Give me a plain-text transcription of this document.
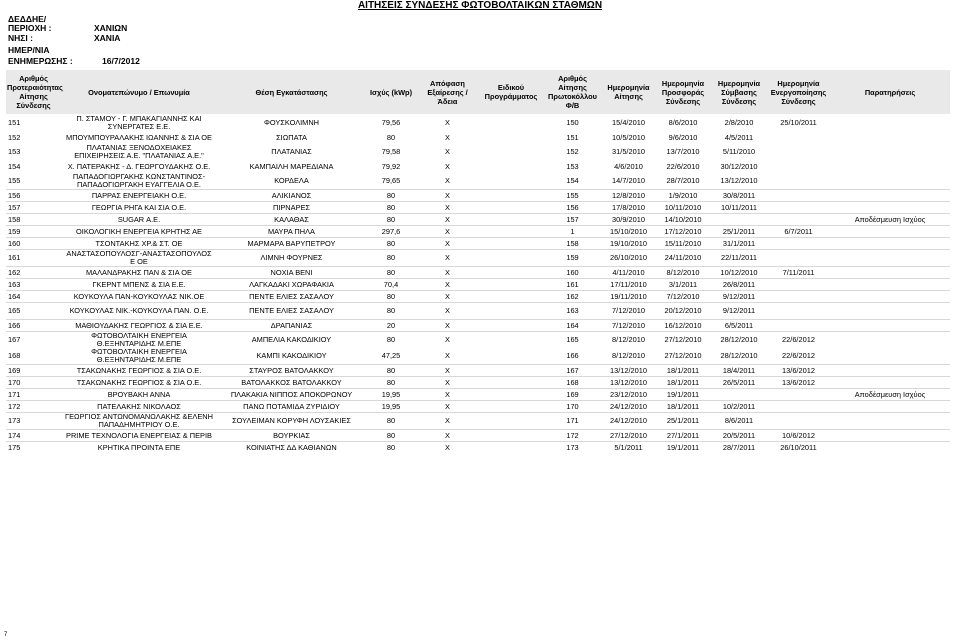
ΑΙΤΗΣΕΙΣ ΣΥΝΔΕΣΗΣ ΦΩΤΟΒΟΛΤΑΙΚΩΝ ΣΤΑΘΜΩΝ
ΔΕΔΔΗΕ/
ΠΕΡΙΟΧΗ :	ΧΑΝΙΩΝ
ΝΗΣΙ :	ΧΑΝΙΑ
ΗΜΕΡ/ΝΙΑ
ΕΝΗΜΕΡΩΣΗΣ :	16/7/2012
Αριθμός Προτεραιότητας Αίτησης Σύνδεσης	Ονοματεπώνυμο / Επωνυμία	Θέση Εγκατάστασης	Ισχύς (kWp)	Απόφαση Εξαίρεσης / Άδεια	Ειδικού Προγράμματος	Αριθμός Αίτησης Πρωτοκόλλου Φ/Β	Ημερομηνία Αίτησης	Ημερομηνία Προσφοράς Σύνδεσης	Ημερομηνία Σύμβασης Σύνδεσης	Ημερομηνία Ενεργοποίησης Σύνδεσης	Παρατηρήσεις
151	Π. ΣΤΑΜΟΥ - Γ. ΜΠΑΚΑΓΙΑΝΝΗΣ ΚΑΙ ΣΥΝΕΡΓΑΤΕΣ Ε.Ε.	ΦΟΥΣΚΟΛΙΜΝΗ	79,56	Χ		150	15/4/2010	8/6/2010	2/8/2010	25/10/2011	
152	ΜΠΟΥΜΠΟΥΡΑΛΑΚΗΣ ΙΩΑΝΝΗΣ & ΣΙΑ ΟΕ	ΣΙΩΠΑΤΑ	80	Χ		151	10/5/2010	9/6/2010	4/5/2011		
153	ΠΛΑΤΑΝΙΑΣ ΞΕΝΟΔΟΧΕΙΑΚΕΣ ΕΠΙΧΕΙΡΗΣΕΙΣ Α.Ε. "ΠΛΑΤΑΝΙΑΣ Α.Ε."	ΠΛΑΤΑΝΙΑΣ	79,58	Χ		152	31/5/2010	13/7/2010	5/11/2010		
154	Χ. ΠΑΤΕΡΑΚΗΣ - Δ. ΓΕΩΡΓΟΥΔΑΚΗΣ Ο.Ε.	ΚΑΜΠΑΙΛΗ ΜΑΡΕΔΙΑΝΑ	79,92	Χ		153	4/6/2010	22/6/2010	30/12/2010		
155	ΠΑΠΑΔΟΓΙΩΡΓΑΚΗΣ ΚΩΝΣΤΑΝΤΙΝΟΣ-ΠΑΠΑΔΟΓΙΩΡΓΑΚΗ ΕΥΑΓΓΕΛΙΑ Ο.Ε.	ΚΟΡΔΕΛΑ	79,65	Χ		154	14/7/2010	28/7/2010	13/12/2010		

156	ΠΑΡΡΑΣ ΕΝΕΡΓΕΙΑΚΗ Ο.Ε.	ΑΛΙΚΙΑΝΟΣ	80	Χ		155	12/8/2010	1/9/2010	30/8/2011		

157	ΓΕΩΡΓΙΑ ΡΗΓΑ ΚΑΙ ΣΙΑ Ο.Ε.	ΠΙΡΝΑΡΕΣ	80	Χ		156	17/8/2010	10/11/2010	10/11/2011		

158	SUGAR Α.Ε.	ΚΑΛΑΘΑΣ	80	Χ		157	30/9/2010	14/10/2010			Αποδέσμευση Ισχύος

159	ΟΙΚΟΛΟΓΙΚΗ ΕΝΕΡΓΕΙΑ ΚΡΗΤΗΣ ΑΕ	ΜΑΥΡΑ ΠΗΛΑ	297,6	Χ		1	15/10/2010	17/12/2010	25/1/2011	6/7/2011	

160	ΤΣΟΝΤΑΚΗΣ ΧΡ.& ΣΤ. ΟΕ	ΜΑΡΜΑΡΑ ΒΑΡΥΠΕΤΡΟΥ	80	Χ		158	19/10/2010	15/11/2010	31/1/2011		

161	ΑΝΑΣΤΑΣΟΠΟΥΛΟΣΓ-ΑΝΑΣΤΑΣΟΠΟΥΛΟΣ Ε ΟΕ	ΛΙΜΝΗ ΦΟΥΡΝΕΣ	80	Χ		159	26/10/2010	24/11/2010	22/11/2011		

162	ΜΑΛΑΝΔΡΑΚΗΣ ΠΑΝ & ΣΙΑ ΟΕ	ΝΟΧΙΑ ΒΕΝΙ	80	Χ		160	4/11/2010	8/12/2010	10/12/2010	7/11/2011	

163	ΓΚΕΡΝΤ ΜΠΕΝΣ & ΣΙΑ Ε.Ε.	ΛΑΓΚΑΔΑΚΙ ΧΩΡΑΦΑΚΙΑ	70,4	Χ		161	17/11/2010	3/1/2011	26/8/2011		

164	ΚΟΥΚΟΥΛΑ ΠΑΝ-ΚΟΥΚΟΥΛΑΣ ΝΙΚ.ΟΕ	ΠΕΝΤΕ ΕΛΙΕΣ ΣΑΣΑΛΟΥ	80	Χ		162	19/11/2010	7/12/2010	9/12/2011		

165	ΚΟΥΚΟΥΛΑΣ ΝΙΚ.-ΚΟΥΚΟΥΛΑ ΠΑΝ. Ο.Ε.	ΠΕΝΤΕ ΕΛΙΕΣ ΣΑΣΑΛΟΥ	80	Χ		163	7/12/2010	20/12/2010	9/12/2011		

166	ΜΑΘΙΟΥΔΑΚΗΣ ΓΕΩΡΓΙΟΣ & ΣΙΑ Ε.Ε.	ΔΡΑΠΑΝΙΑΣ	20	Χ		164	7/12/2010	16/12/2010	6/5/2011		

167	ΦΩΤΟΒΟΛΤΑΙΚΗ ΕΝΕΡΓΕΙΑ Θ.ΕΞΗΝΤΑΡΙΔΗΣ Μ.ΕΠΕ	ΑΜΠΕΛΙΑ ΚΑΚΟΔΙΚΙΟΥ	80	Χ		165	8/12/2010	27/12/2010	28/12/2010	22/6/2012	
168	ΦΩΤΟΒΟΛΤΑΙΚΗ ΕΝΕΡΓΕΙΑ Θ.ΕΞΗΝΤΑΡΙΔΗΣ Μ.ΕΠΕ	ΚΑΜΠΙ ΚΑΚΟΔΙΚΙΟΥ	47,25	Χ		166	8/12/2010	27/12/2010	28/12/2010	22/6/2012	

169	ΤΣΑΚΩΝΑΚΗΣ ΓΕΩΡΓΙΟΣ & ΣΙΑ Ο.Ε.	ΣΤΑΥΡΟΣ ΒΑΤΟΛΑΚΚΟΥ	80	Χ		167	13/12/2010	18/1/2011	18/4/2011	13/6/2012	

170	ΤΣΑΚΩΝΑΚΗΣ ΓΕΩΡΓΙΟΣ & ΣΙΑ Ο.Ε.	ΒΑΤΟΛΑΚΚΟΣ ΒΑΤΟΛΑΚΚΟΥ	80	Χ		168	13/12/2010	18/1/2011	26/5/2011	13/6/2012	

171	ΒΡΟΥΒΑΚΗ ΑΝΝΑ	ΠΛΑΚΑΚΙΑ ΝΙΠΠΟΣ ΑΠΟΚΟΡΩΝΟΥ	19,95	Χ		169	23/12/2010	19/1/2011			Αποδέσμευση Ισχύος

172	ΠΑΤΕΛΑΚΗΣ ΝΙΚΟΛΑΟΣ	ΠΑΝΩ ΠΟΤΑΜΙΔΑ ΖΥΡΙΔΙΟΥ	19,95	Χ		170	24/12/2010	18/1/2011	10/2/2011		

173	ΓΕΩΡΓΙΟΣ ΑΝΤΩΝΟΜΑΝΩΛΑΚΗΣ &ΕΛΕΝΗ ΠΑΠΑΔΗΜΗΤΡΙΟΥ Ο.Ε.	ΣΟΥΛΕΙΜΑΝ ΚΟΡΥΦΗ ΛΟΥΣΑΚΙΕΣ	80	Χ		171	24/12/2010	25/1/2011	8/6/2011		

174	PRIME ΤΕΧΝΟΛΟΓΙΑ ΕΝΕΡΓΕΙΑΣ & ΠΕΡΙΒ	ΒΟΥΡΚΙΑΣ	80	Χ		172	27/12/2010	27/1/2011	20/5/2011	10/6/2012	

175	ΚΡΗΤΙΚΑ ΠΡΟΙΝΤΑ ΕΠΕ	ΚΟΙΝΙΑΤΗΣ ΔΔ ΚΑΘΙΑΝΩΝ	80	Χ		173	5/1/2011	19/1/2011	28/7/2011	26/10/2011	
7
